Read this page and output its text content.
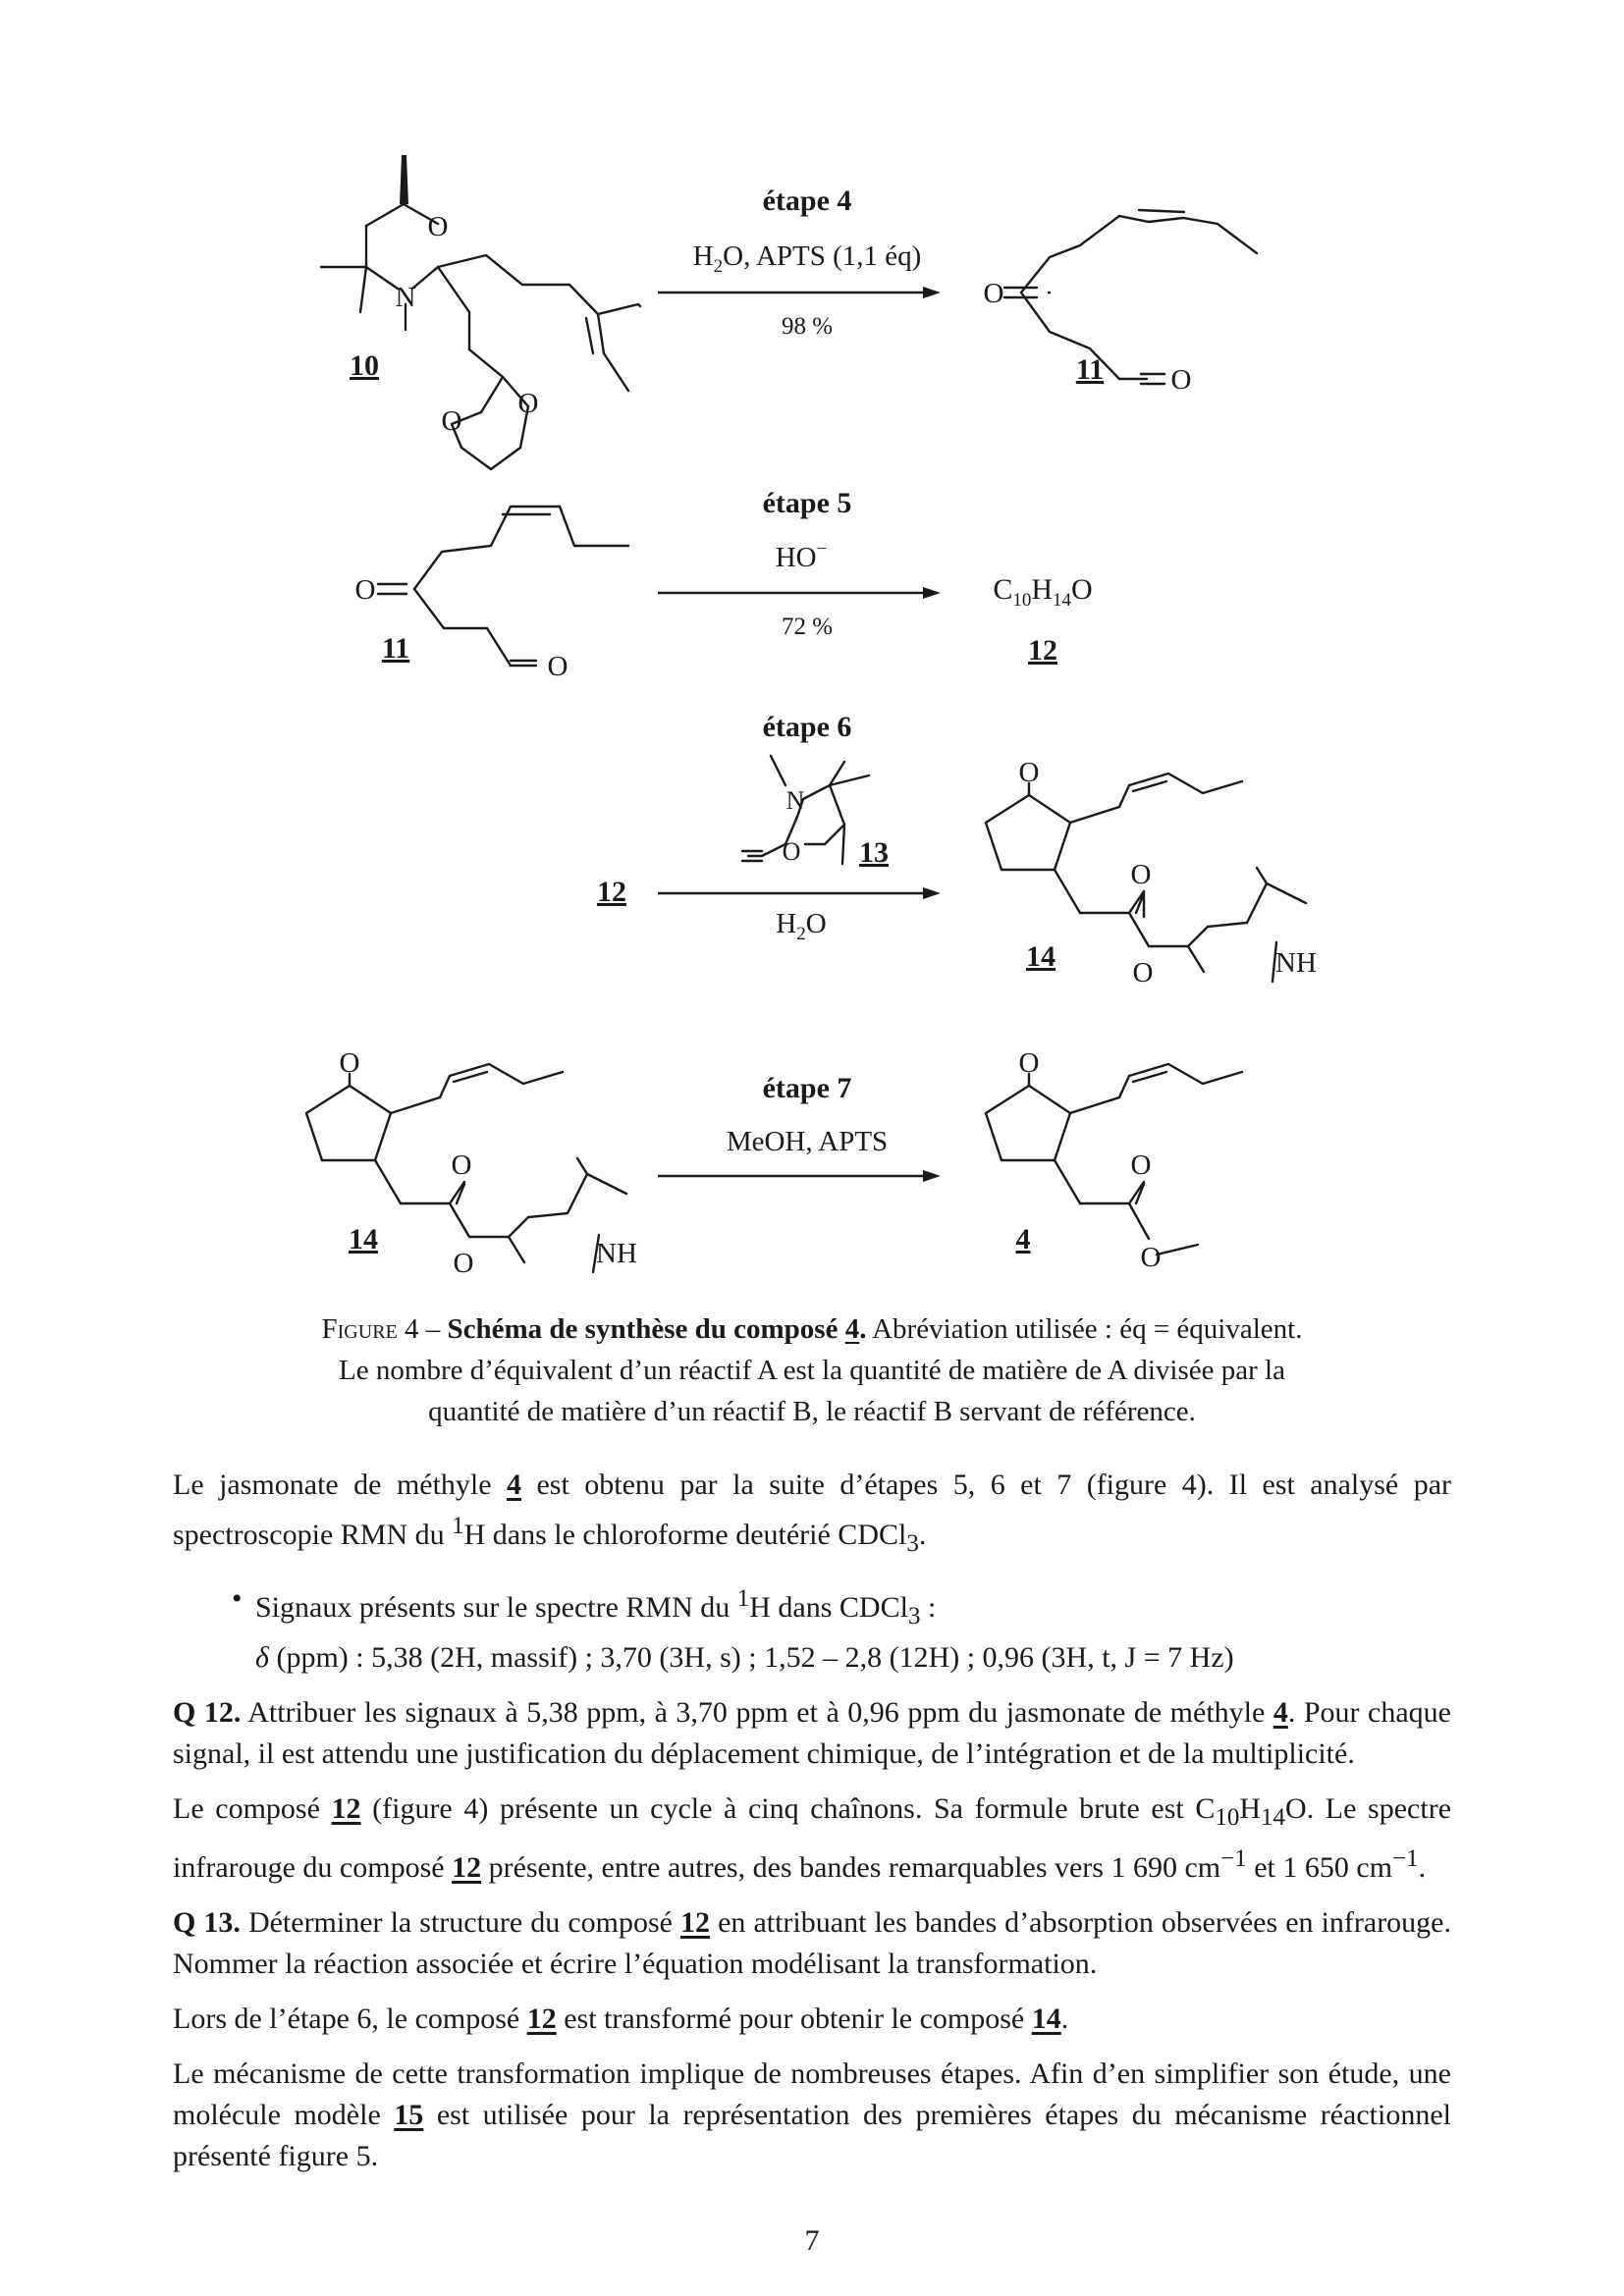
O
N
O
O
10
étape 4
$H_2O$, APTS (1,1 éq)
98 %
O
O
11
O
O
11
étape 5
HO−
72 %
$C_{10}H_{14}O$
12
12
N
O 13
étape 6
$H_2O$
O
O
O	NH
14
O
O
O	NH
14
étape 7
MeOH, APTS
O
O
O
4
Figure 4 – Schéma de synthèse du composé 4. Abréviation utilisée : éq = équivalent.
Le nombre d’équivalent d’un réactif A est la quantité de matière de A divisée par la
quantité de matière d’un réactif B, le réactif B servant de référence.

Le jasmonate de méthyle 4 est obtenu par la suite d’étapes 5, 6 et 7 (figure 4). Il est analysé par spectroscopie RMN du $^1$H dans le chloroforme deutérié CDCl$_3$.

• Signaux présents sur le spectre RMN du $^1$H dans CDCl$_3$ :
δ (ppm) : 5,38 (2H, massif) ; 3,70 (3H, s) ; 1,52 – 2,8 (12H) ; 0,96 (3H, t, J = 7 Hz)

Q 12. Attribuer les signaux à 5,38 ppm, à 3,70 ppm et à 0,96 ppm du jasmonate de méthyle 4. Pour chaque signal, il est attendu une justification du déplacement chimique, de l’intégration et de la multiplicité.

Le composé 12 (figure 4) présente un cycle à cinq chaînons. Sa formule brute est $C_{10}H_{14}O$. Le spectre infrarouge du composé 12 présente, entre autres, des bandes remarquables vers 1 690 $cm^{-1}$ et 1 650 $cm^{-1}$.

Q 13. Déterminer la structure du composé 12 en attribuant les bandes d’absorption observées en infrarouge. Nommer la réaction associée et écrire l’équation modélisant la transformation.

Lors de l’étape 6, le composé 12 est transformé pour obtenir le composé 14.

Le mécanisme de cette transformation implique de nombreuses étapes. Afin d’en simplifier son étude, une molécule modèle 15 est utilisée pour la représentation des premières étapes du mécanisme réactionnel présenté figure 5.

7
